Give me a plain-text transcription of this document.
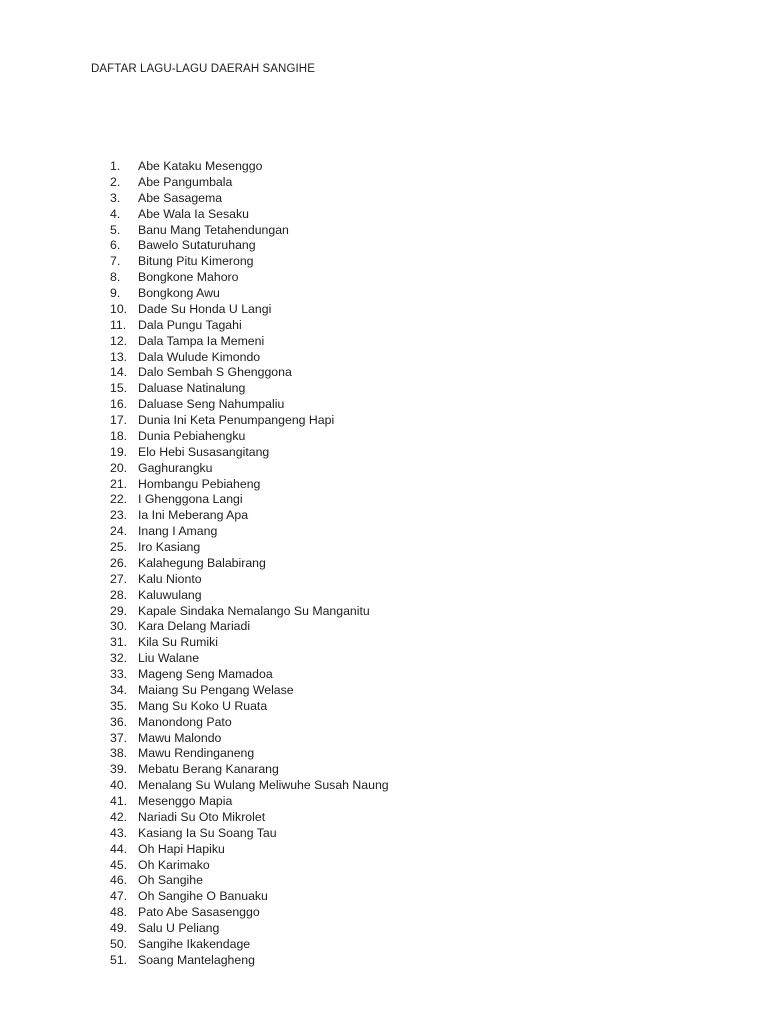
DAFTAR LAGU-LAGU DAERAH SANGIHE
1. Abe Kataku Mesenggo
2. Abe Pangumbala
3. Abe Sasagema
4. Abe Wala Ia Sesaku
5. Banu Mang Tetahendungan
6. Bawelo Sutaturuhang
7. Bitung Pitu Kimerong
8. Bongkone Mahoro
9. Bongkong Awu
10. Dade Su Honda U Langi
11. Dala Pungu Tagahi
12. Dala Tampa Ia Memeni
13. Dala Wulude Kimondo
14. Dalo Sembah S Ghenggona
15. Daluase Natinalung
16. Daluase Seng Nahumpaliu
17. Dunia Ini Keta Penumpangeng Hapi
18. Dunia Pebiahengku
19. Elo Hebi Susasangitang
20. Gaghurangku
21. Hombangu Pebiaheng
22. I Ghenggona Langi
23. Ia Ini Meberang Apa
24. Inang I Amang
25. Iro Kasiang
26. Kalahegung Balabirang
27. Kalu Nionto
28. Kaluwulang
29. Kapale Sindaka Nemalango Su Manganitu
30. Kara Delang Mariadi
31. Kila Su Rumiki
32. Liu Walane
33. Mageng Seng Mamadoa
34. Maiang Su Pengang Welase
35. Mang Su Koko U Ruata
36. Manondong Pato
37. Mawu Malondo
38. Mawu Rendinganeng
39. Mebatu Berang Kanarang
40. Menalang Su Wulang Meliwuhe Susah Naung
41. Mesenggo Mapia
42. Nariadi Su Oto Mikrolet
43. Kasiang Ia Su Soang Tau
44. Oh Hapi Hapiku
45. Oh Karimako
46. Oh Sangihe
47. Oh Sangihe O Banuaku
48. Pato Abe Sasasenggo
49. Salu U Peliang
50. Sangihe Ikakendage
51. Soang Mantelagheng
